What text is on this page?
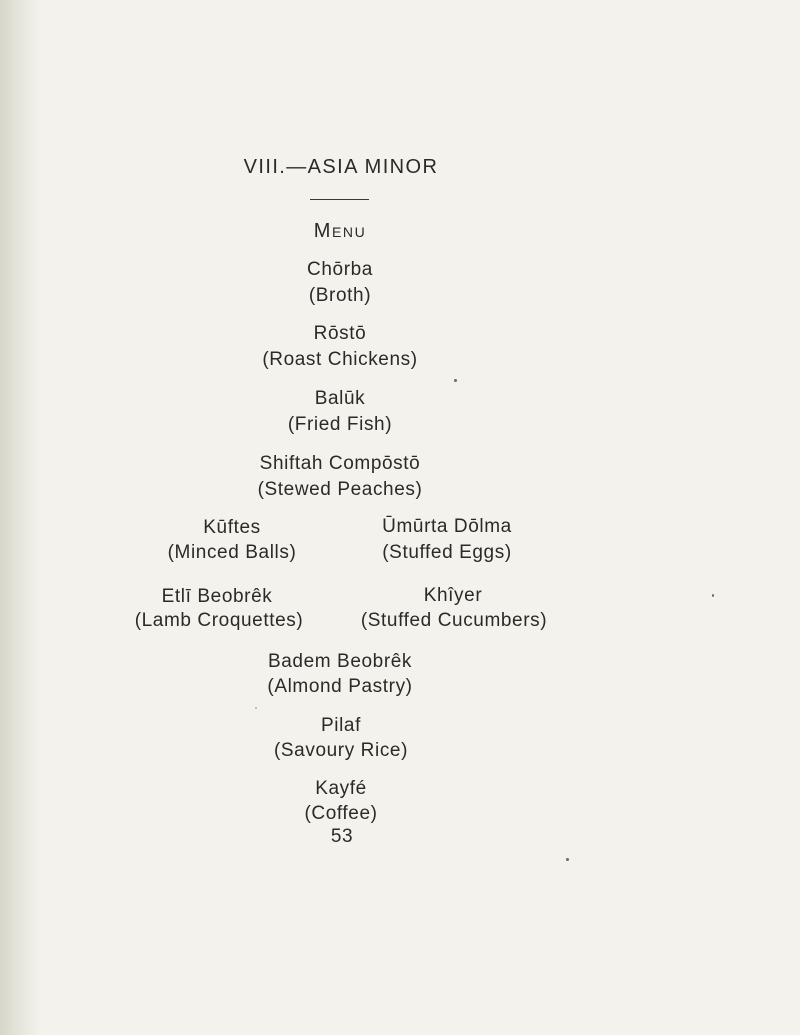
VIII.—ASIA MINOR
Menu
Chōrba
(Broth)
Rōstō
(Roast Chickens)
Balūk
(Fried Fish)
Shiftah Compōstō
(Stewed Peaches)
Kūftes
(Minced Balls)
Ūmūrta Dōlma
(Stuffed Eggs)
Etlī Beobrêk
(Lamb Croquettes)
Khîyer
(Stuffed Cucumbers)
Badem Beobrêk
(Almond Pastry)
Pilaf
(Savoury Rice)
Kayfé
(Coffee)
53
